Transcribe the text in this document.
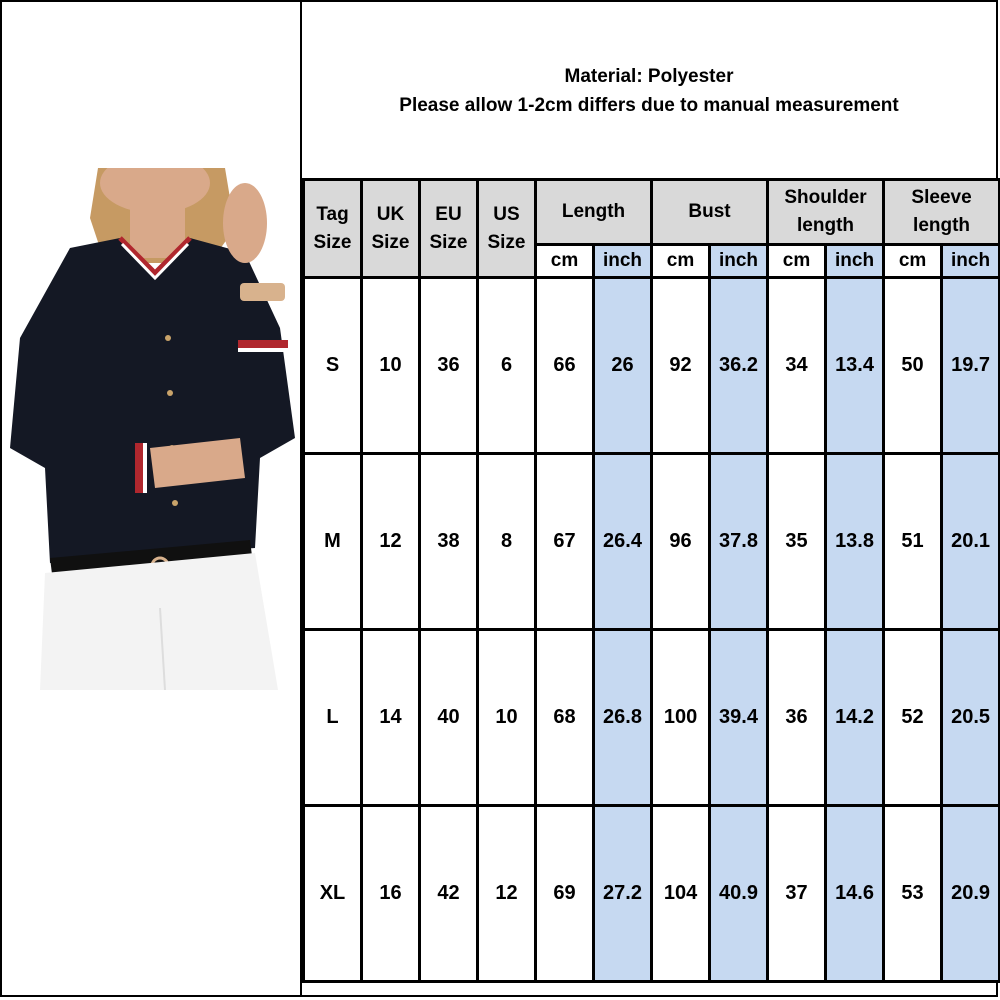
Material: Polyester
Please allow 1-2cm differs due to manual measurement
Tag Size	UK Size	EU Size	US Size	Length		Bust		Shoulder length		Sleeve length	
				cm	inch	cm	inch	cm	inch	cm	inch
S	10	36	6	66	26	92	36.2	34	13.4	50	19.7
M	12	38	8	67	26.4	96	37.8	35	13.8	51	20.1
L	14	40	10	68	26.8	100	39.4	36	14.2	52	20.5
XL	16	42	12	69	27.2	104	40.9	37	14.6	53	20.9
